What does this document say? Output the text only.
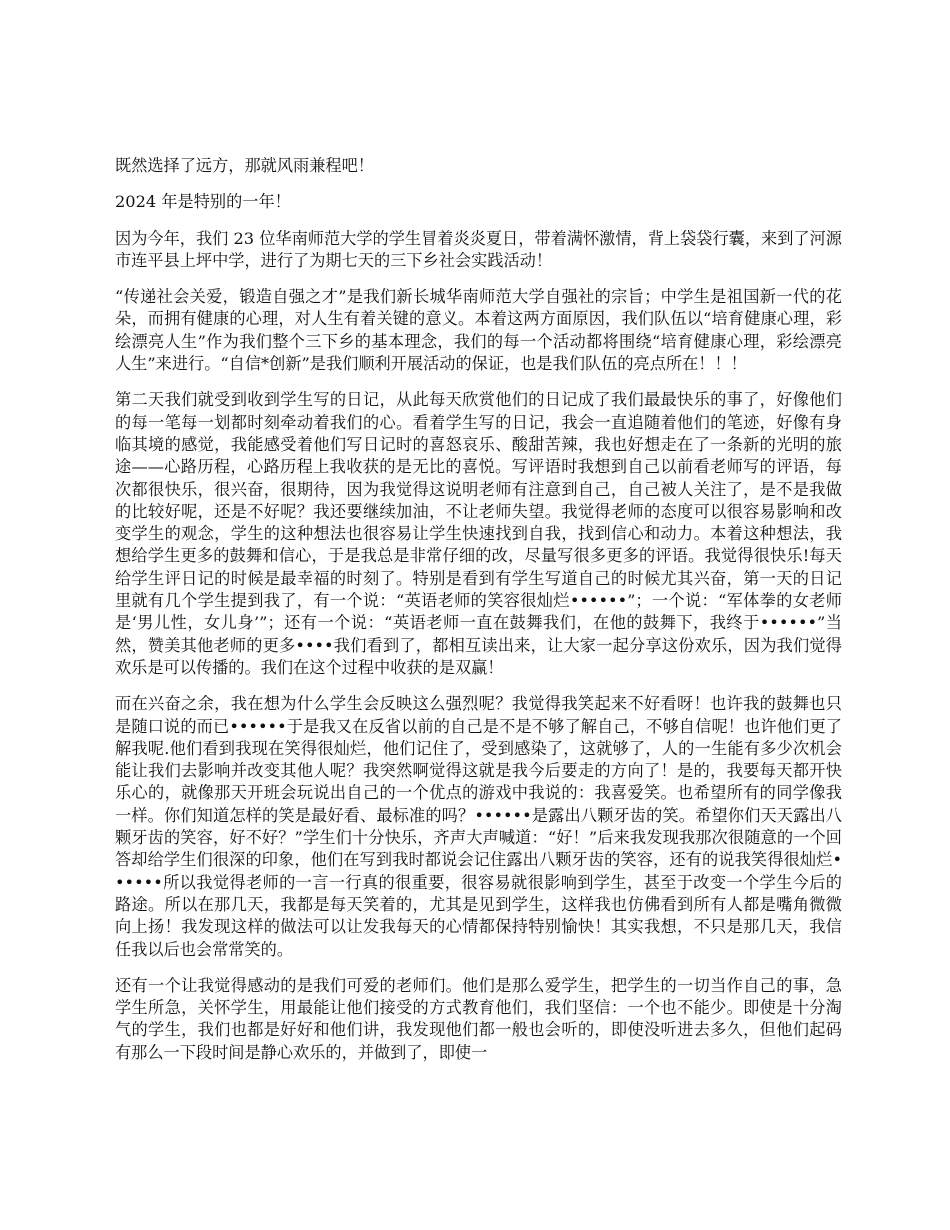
既然选择了远方，那就风雨兼程吧！

2024 年是特别的一年！

因为今年，我们 23 位华南师范大学的学生冒着炎炎夏日，带着满怀激情，背上袋袋行囊，来到了河源市连平县上坪中学，进行了为期七天的三下乡社会实践活动！

“传递社会关爱，锻造自强之才”是我们新长城华南师范大学自强社的宗旨；中学生是祖国新一代的花朵，而拥有健康的心理，对人生有着关键的意义。本着这两方面原因，我们队伍以“培育健康心理，彩绘漂亮人生”作为我们整个三下乡的基本理念，我们的每一个活动都将围绕“培育健康心理，彩绘漂亮人生”来进行。“自信*创新”是我们顺利开展活动的保证，也是我们队伍的亮点所在！！！

第二天我们就受到收到学生写的日记，从此每天欣赏他们的日记成了我们最最快乐的事了，好像他们的每一笔每一划都时刻牵动着我们的心。看着学生写的日记，我会一直追随着他们的笔迹，好像有身临其境的感觉，我能感受着他们写日记时的喜怒哀乐、酸甜苦辣，我也好想走在了一条新的光明的旅途——心路历程，心路历程上我收获的是无比的喜悦。写评语时我想到自己以前看老师写的评语，每次都很快乐，很兴奋，很期待，因为我觉得这说明老师有注意到自己，自己被人关注了，是不是我做的比较好呢，还是不好呢？我还要继续加油，不让老师失望。我觉得老师的态度可以很容易影响和改变学生的观念，学生的这种想法也很容易让学生快速找到自我，找到信心和动力。本着这种想法，我想给学生更多的鼓舞和信心，于是我总是非常仔细的改，尽量写很多更多的评语。我觉得很快乐!每天给学生评日记的时候是最幸福的时刻了。特别是看到有学生写道自己的时候尤其兴奋，第一天的日记里就有几个学生提到我了，有一个说：“英语老师的笑容很灿烂••••••”；一个说：“军体拳的女老师是‘男儿性，女儿身’”；还有一个说：“英语老师一直在鼓舞我们，在他的鼓舞下，我终于••••••”当然，赞美其他老师的更多••••我们看到了，都相互读出来，让大家一起分享这份欢乐，因为我们觉得欢乐是可以传播的。我们在这个过程中收获的是双赢！

而在兴奋之余，我在想为什么学生会反映这么强烈呢？我觉得我笑起来不好看呀！也许我的鼓舞也只是随口说的而已••••••于是我又在反省以前的自己是不是不够了解自己，不够自信呢！也许他们更了解我呢.他们看到我现在笑得很灿烂，他们记住了，受到感染了，这就够了，人的一生能有多少次机会能让我们去影响并改变其他人呢？我突然啊觉得这就是我今后要走的方向了！是的，我要每天都开快乐心的，就像那天开班会玩说出自己的一个优点的游戏中我说的：我喜爱笑。也希望所有的同学像我一样。你们知道怎样的笑是最好看、最标准的吗？••••••是露出八颗牙齿的笑。希望你们天天露出八颗牙齿的笑容，好不好？”学生们十分快乐，齐声大声喊道：“好！”后来我发现我那次很随意的一个回答却给学生们很深的印象，他们在写到我时都说会记住露出八颗牙齿的笑容，还有的说我笑得很灿烂••••••所以我觉得老师的一言一行真的很重要，很容易就很影响到学生，甚至于改变一个学生今后的路途。所以在那几天，我都是每天笑着的，尤其是见到学生，这样我也仿佛看到所有人都是嘴角微微向上扬！我发现这样的做法可以让发我每天的心情都保持特别愉快！其实我想，不只是那几天，我信任我以后也会常常笑的。

还有一个让我觉得感动的是我们可爱的老师们。他们是那么爱学生，把学生的一切当作自己的事，急学生所急，关怀学生，用最能让他们接受的方式教育他们，我们坚信：一个也不能少。即使是十分淘气的学生，我们也都是好好和他们讲，我发现他们都一般也会听的，即使没听进去多久，但他们起码有那么一下段时间是静心欢乐的，并做到了，即使一
